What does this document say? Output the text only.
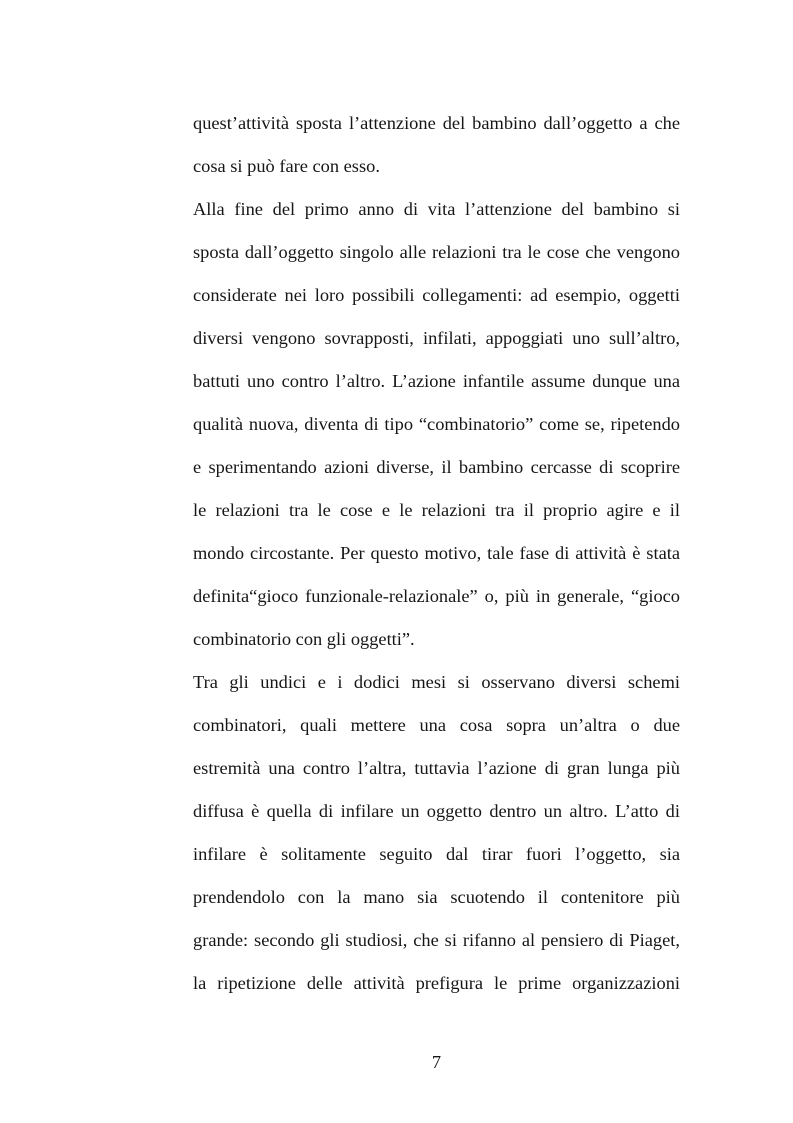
quest’attività sposta l’attenzione del bambino dall’oggetto a che
cosa si può fare con esso.
Alla fine del primo anno di vita l’attenzione del bambino si
sposta dall’oggetto singolo alle relazioni tra le cose che vengono
considerate nei loro possibili collegamenti: ad esempio, oggetti
diversi vengono sovrapposti, infilati, appoggiati uno sull’altro,
battuti uno contro l’altro. L’azione infantile assume dunque una
qualità nuova, diventa di tipo “combinatorio” come se, ripetendo
e sperimentando azioni diverse, il bambino cercasse di scoprire
le relazioni tra le cose e le relazioni tra il proprio agire e il
mondo circostante. Per questo motivo, tale fase di attività è stata
definita“gioco funzionale-relazionale” o, più in generale, “gioco
combinatorio con gli oggetti”.
Tra gli undici e i dodici mesi si osservano diversi schemi
combinatori, quali mettere una cosa sopra un’altra o due
estremità una contro l’altra, tuttavia l’azione di gran lunga più
diffusa è quella di infilare un oggetto dentro un altro. L’atto di
infilare è solitamente seguito dal tirar fuori l’oggetto, sia
prendendolo con la mano sia scuotendo il contenitore più
grande: secondo gli studiosi, che si rifanno al pensiero di Piaget,
la ripetizione delle attività prefigura le prime organizzazioni
7
